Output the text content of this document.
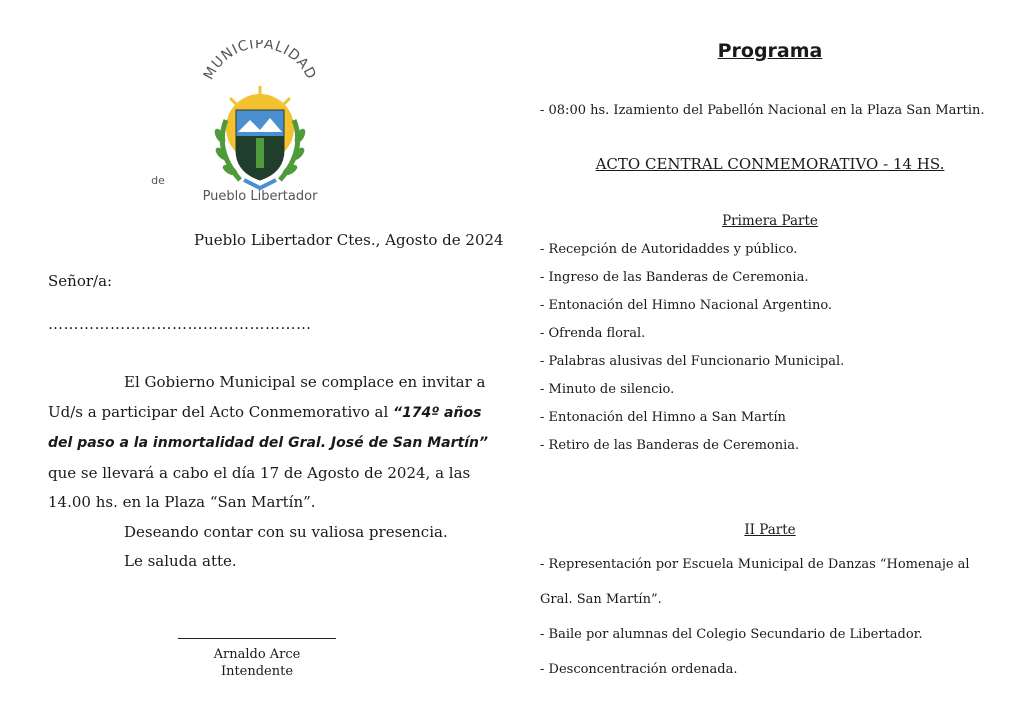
MUNICIPALIDAD
de
Pueblo Libertador
Pueblo Libertador Ctes., Agosto de 2024
Señor/a:
……………………………………………

El Gobierno Municipal se complace en invitar a Ud/s a participar del Acto Conmemorativo al “174º años del paso a la inmortalidad del Gral. José de San Martín” que se llevará a cabo el día 17 de Agosto de 2024, a las 14.00 hs. en la Plaza “San Martín”.

Deseando contar con su valiosa presencia.

Le saluda atte.

Arnaldo Arce
Intendente
Programa
- 08:00 hs. Izamiento del Pabellón Nacional en la Plaza San Martin.
ACTO CENTRAL CONMEMORATIVO - 14 HS.
Primera Parte
- Recepción de Autoridaddes y público.
- Ingreso de las Banderas de Ceremonia.
- Entonación del Himno Nacional Argentino.
- Ofrenda floral.
- Palabras alusivas del Funcionario Municipal.
- Minuto de silencio.
- Entonación del Himno a San Martín
- Retiro de las Banderas de Ceremonia.
II Parte
- Representación por Escuela Municipal de Danzas “Homenaje al
Gral. San Martín”.
- Baile por alumnas del Colegio Secundario de Libertador.
- Desconcentración ordenada.
